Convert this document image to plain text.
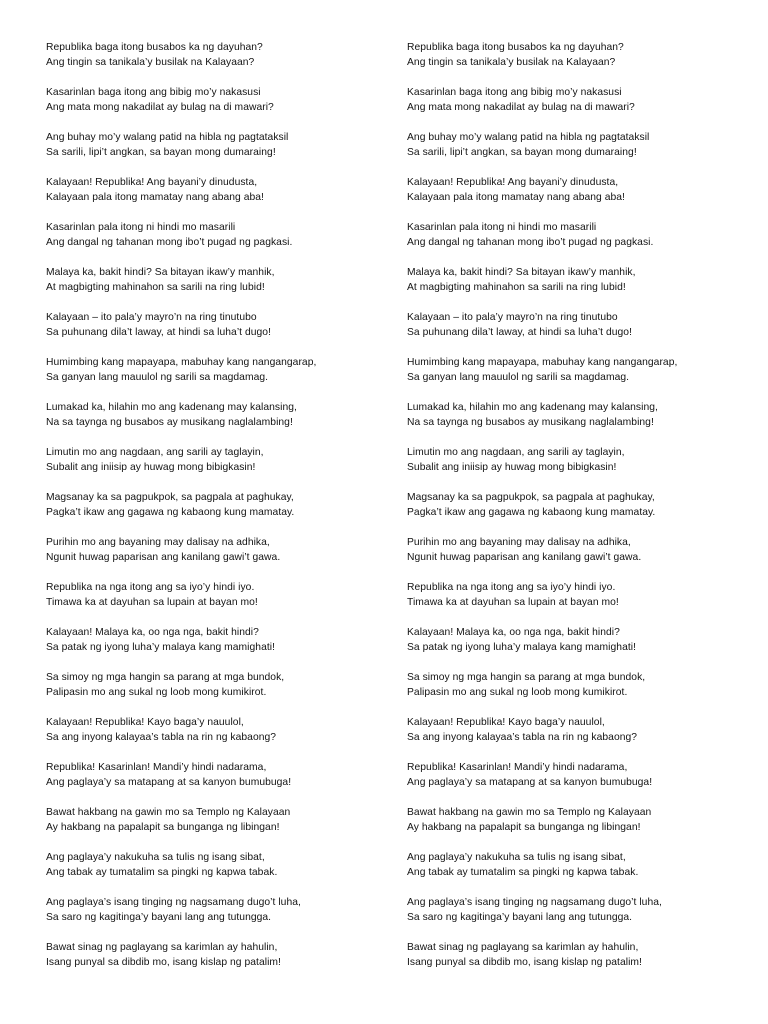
Republika baga itong busabos ka ng dayuhan?
Ang tingin sa tanikala’y busilak na Kalayaan?
Kasarinlan baga itong ang bibig mo’y nakasusi
Ang mata mong nakadilat ay bulag na di mawari?
Ang buhay mo’y walang patid na hibla ng pagtataksil
Sa sarili, lipi’t angkan, sa bayan mong dumaraing!
Kalayaan! Republika! Ang bayani’y dinudusta,
Kalayaan pala itong mamatay nang abang aba!
Kasarinlan pala itong ni hindi mo masarili
Ang dangal ng tahanan mong ibo’t pugad ng pagkasi.
Malaya ka, bakit hindi? Sa bitayan ikaw’y manhik,
At magbigting mahinahon sa sarili na ring lubid!
Kalayaan – ito pala’y mayro’n na ring tinutubo
Sa puhunang dila’t laway, at hindi sa luha’t dugo!
Humimbing kang mapayapa, mabuhay kang nangangarap,
Sa ganyan lang mauulol ng sarili sa magdamag.
Lumakad ka, hilahin mo ang kadenang may kalansing,
Na sa taynga ng busabos ay musikang naglalambing!
Limutin mo ang nagdaan, ang sarili ay taglayin,
Subalit ang iniisip ay huwag mong bibigkasin!
Magsanay ka sa pagpukpok, sa pagpala at paghukay,
Pagka’t ikaw ang gagawa ng kabaong kung mamatay.
Purihin mo ang bayaning may dalisay na adhika,
Ngunit huwag paparisan ang kanilang gawi’t gawa.
Republika na nga itong ang sa iyo’y hindi iyo.
Timawa ka at dayuhan sa lupain at bayan mo!
Kalayaan! Malaya ka, oo nga nga, bakit hindi?
Sa patak ng iyong luha’y malaya kang mamighati!
Sa simoy ng mga hangin sa parang at mga bundok,
Palipasin mo ang sukal ng loob mong kumikirot.
Kalayaan! Republika! Kayo baga’y nauulol,
Sa ang inyong kalayaa’s tabla na rin ng kabaong?
Republika! Kasarinlan! Mandi’y hindi nadarama,
Ang paglaya’y sa matapang at sa kanyon bumubuga!
Bawat hakbang na gawin mo sa Templo ng Kalayaan
Ay hakbang na papalapit sa bunganga ng libingan!
Ang paglaya’y nakukuha sa tulis ng isang sibat,
Ang tabak ay tumatalim sa pingki ng kapwa tabak.
Ang paglaya’s isang tinging ng nagsamang dugo’t luha,
Sa saro ng kagitinga’y bayani lang ang tutungga.
Bawat sinag ng paglayang sa karimlan ay hahulin,
Isang punyal sa dibdib mo, isang kislap ng patalim!
Republika baga itong busabos ka ng dayuhan?
Ang tingin sa tanikala’y busilak na Kalayaan?
Kasarinlan baga itong ang bibig mo’y nakasusi
Ang mata mong nakadilat ay bulag na di mawari?
Ang buhay mo’y walang patid na hibla ng pagtataksil
Sa sarili, lipi’t angkan, sa bayan mong dumaraing!
Kalayaan! Republika! Ang bayani’y dinudusta,
Kalayaan pala itong mamatay nang abang aba!
Kasarinlan pala itong ni hindi mo masarili
Ang dangal ng tahanan mong ibo’t pugad ng pagkasi.
Malaya ka, bakit hindi? Sa bitayan ikaw’y manhik,
At magbigting mahinahon sa sarili na ring lubid!
Kalayaan – ito pala’y mayro’n na ring tinutubo
Sa puhunang dila’t laway, at hindi sa luha’t dugo!
Humimbing kang mapayapa, mabuhay kang nangangarap,
Sa ganyan lang mauulol ng sarili sa magdamag.
Lumakad ka, hilahin mo ang kadenang may kalansing,
Na sa taynga ng busabos ay musikang naglalambing!
Limutin mo ang nagdaan, ang sarili ay taglayin,
Subalit ang iniisip ay huwag mong bibigkasin!
Magsanay ka sa pagpukpok, sa pagpala at paghukay,
Pagka’t ikaw ang gagawa ng kabaong kung mamatay.
Purihin mo ang bayaning may dalisay na adhika,
Ngunit huwag paparisan ang kanilang gawi’t gawa.
Republika na nga itong ang sa iyo’y hindi iyo.
Timawa ka at dayuhan sa lupain at bayan mo!
Kalayaan! Malaya ka, oo nga nga, bakit hindi?
Sa patak ng iyong luha’y malaya kang mamighati!
Sa simoy ng mga hangin sa parang at mga bundok,
Palipasin mo ang sukal ng loob mong kumikirot.
Kalayaan! Republika! Kayo baga’y nauulol,
Sa ang inyong kalayaa’s tabla na rin ng kabaong?
Republika! Kasarinlan! Mandi’y hindi nadarama,
Ang paglaya’y sa matapang at sa kanyon bumubuga!
Bawat hakbang na gawin mo sa Templo ng Kalayaan
Ay hakbang na papalapit sa bunganga ng libingan!
Ang paglaya’y nakukuha sa tulis ng isang sibat,
Ang tabak ay tumatalim sa pingki ng kapwa tabak.
Ang paglaya’s isang tinging ng nagsamang dugo’t luha,
Sa saro ng kagitinga’y bayani lang ang tutungga.
Bawat sinag ng paglayang sa karimlan ay hahulin,
Isang punyal sa dibdib mo, isang kislap ng patalim!
